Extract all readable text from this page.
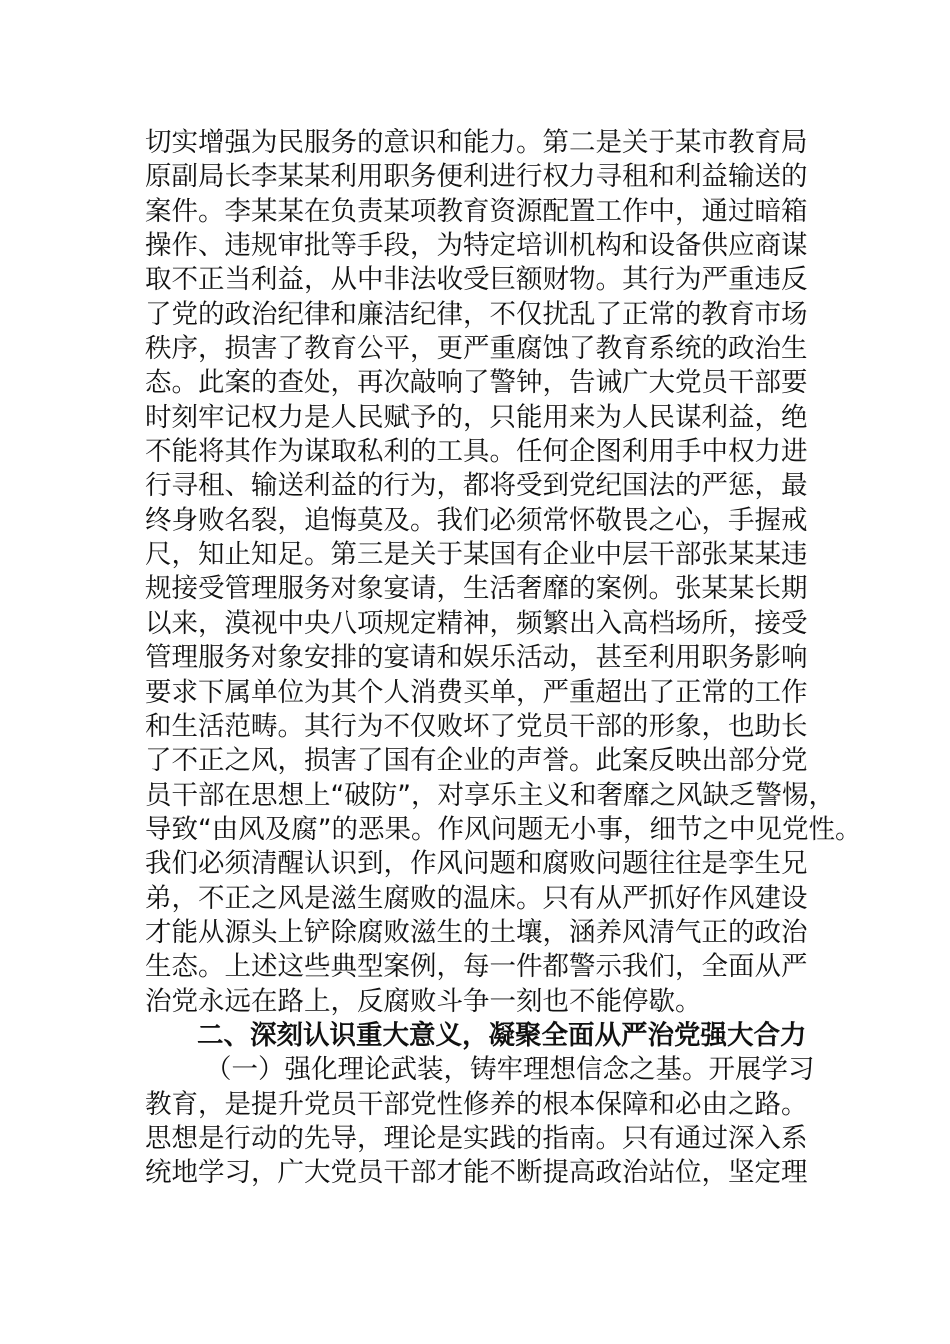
切实增强为民服务的意识和能力。第二是关于某市教育局
原副局长李某某利用职务便利进行权力寻租和利益输送的
案件。李某某在负责某项教育资源配置工作中，通过暗箱
操作、违规审批等手段，为特定培训机构和设备供应商谋
取不正当利益，从中非法收受巨额财物。其行为严重违反
了党的政治纪律和廉洁纪律，不仅扰乱了正常的教育市场
秩序，损害了教育公平，更严重腐蚀了教育系统的政治生
态。此案的查处，再次敲响了警钟，告诫广大党员干部要
时刻牢记权力是人民赋予的，只能用来为人民谋利益，绝
不能将其作为谋取私利的工具。任何企图利用手中权力进
行寻租、输送利益的行为，都将受到党纪国法的严惩，最
终身败名裂，追悔莫及。我们必须常怀敬畏之心，手握戒
尺，知止知足。第三是关于某国有企业中层干部张某某违
规接受管理服务对象宴请，生活奢靡的案例。张某某长期
以来，漠视中央八项规定精神，频繁出入高档场所，接受
管理服务对象安排的宴请和娱乐活动，甚至利用职务影响
要求下属单位为其个人消费买单，严重超出了正常的工作
和生活范畴。其行为不仅败坏了党员干部的形象，也助长
了不正之风，损害了国有企业的声誉。此案反映出部分党
员干部在思想上“破防”，对享乐主义和奢靡之风缺乏警惕，
导致“由风及腐”的恶果。作风问题无小事，细节之中见党性。
我们必须清醒认识到，作风问题和腐败问题往往是孪生兄
弟，不正之风是滋生腐败的温床。只有从严抓好作风建设
才能从源头上铲除腐败滋生的土壤，涵养风清气正的政治
生态。上述这些典型案例，每一件都警示我们，全面从严
治党永远在路上，反腐败斗争一刻也不能停歇。
二、深刻认识重大意义，凝聚全面从严治党强大合力
（一）强化理论武装，铸牢理想信念之基。开展学习
教育，是提升党员干部党性修养的根本保障和必由之路。
思想是行动的先导，理论是实践的指南。只有通过深入系
统地学习，广大党员干部才能不断提高政治站位，坚定理
